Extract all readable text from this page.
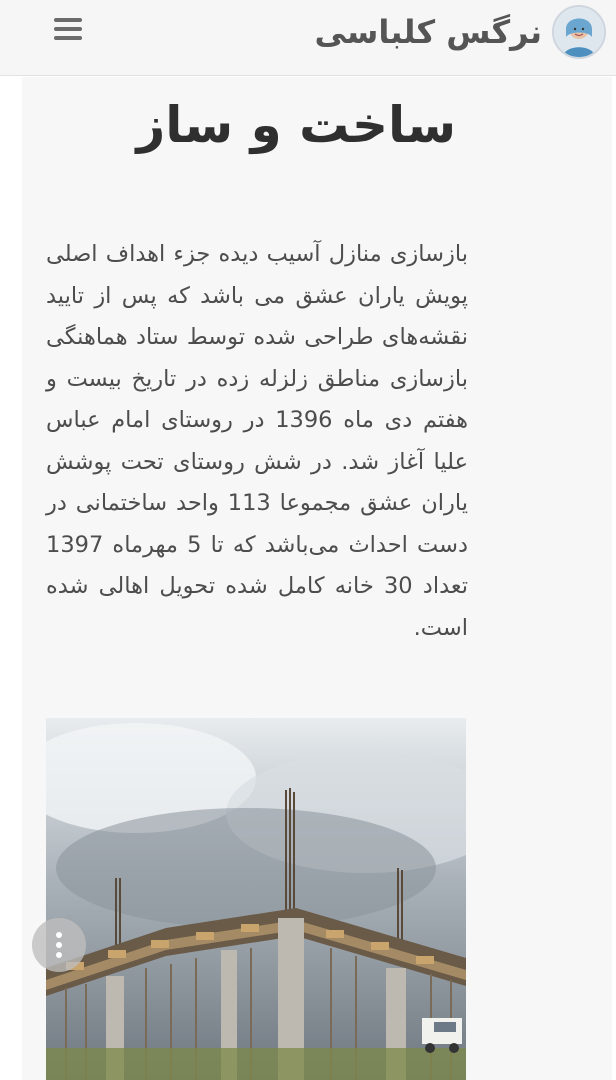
نرگس کلباسی
ساخت و ساز

بازسازی منازل آسیب دیده جزء اهداف اصلی پویش یاران عشق می باشد که پس از تایید نقشه‌های طراحی شده توسط ستاد هماهنگی بازسازی مناطق زلزله زده در تاریخ بیست و هفتم دی ماه 1396 در روستای امام عباس علیا آغاز شد. در شش روستای تحت پوشش یاران عشق مجموعا 113 واحد ساختمانی در دست احداث می‌باشد که تا 5 مهرماه 1397 تعداد 30 خانه کامل شده تحویل اهالی شده است.
